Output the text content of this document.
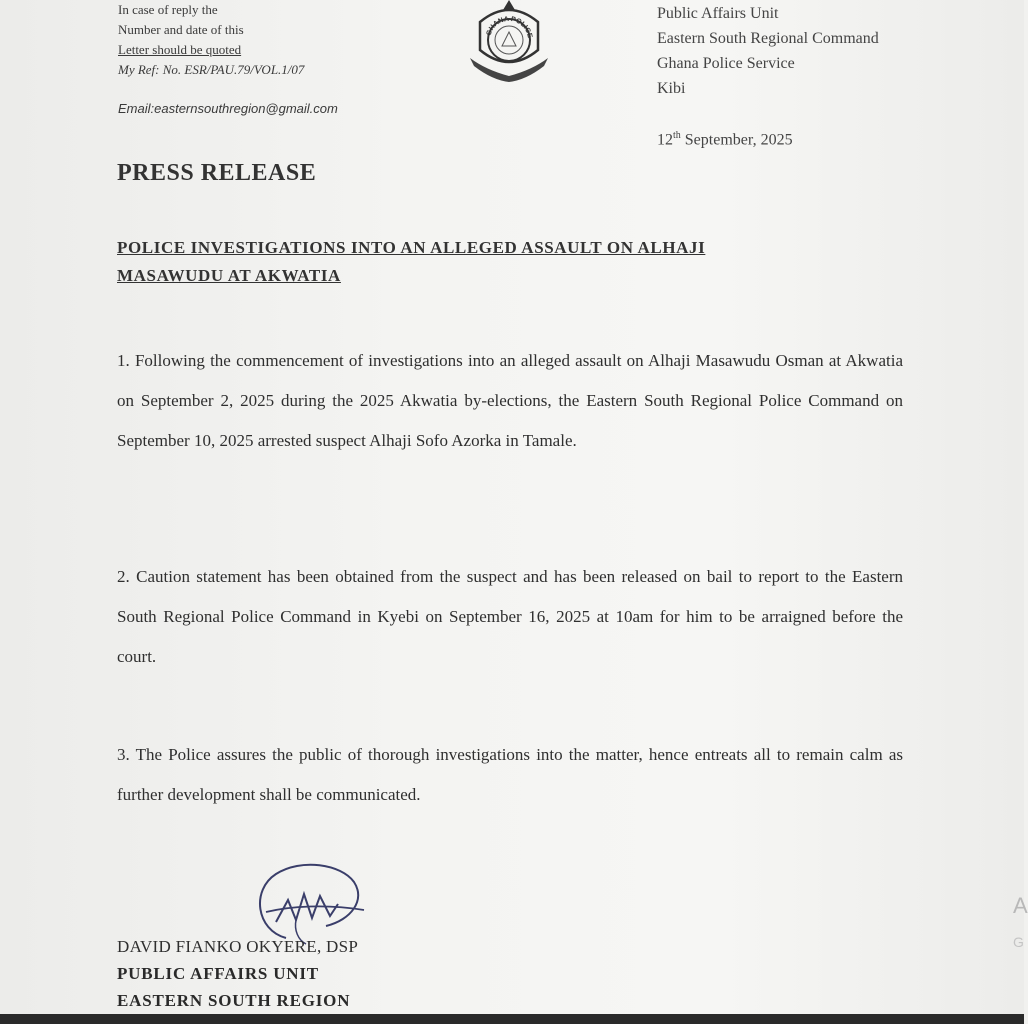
In case of reply the
Number and date of this
Letter should be quoted
My Ref: No. ESR/PAU.79/VOL.1/07
Email:easternsouthregion@gmail.com
GHANA POLICE
Public Affairs Unit
Eastern South Regional Command
Ghana Police Service
Kibi
12th September, 2025
PRESS RELEASE
POLICE INVESTIGATIONS INTO AN ALLEGED ASSAULT ON ALHAJI
MASAWUDU AT AKWATIA
1. Following the commencement of investigations into an alleged assault on Alhaji Masawudu Osman at Akwatia on September 2, 2025 during the 2025 Akwatia by-elections, the Eastern South Regional Police Command on September 10, 2025 arrested suspect Alhaji Sofo Azorka in Tamale.
2. Caution statement has been obtained from the suspect and has been released on bail to report to the Eastern South Regional Police Command in Kyebi on September 16, 2025 at 10am for him to be arraigned before the court.
3. The Police assures the public of thorough investigations into the matter, hence entreats all to remain calm as further development shall be communicated.
DAVID FIANKO OKYERE, DSP
PUBLIC AFFAIRS UNIT
EASTERN SOUTH REGION
A
G
